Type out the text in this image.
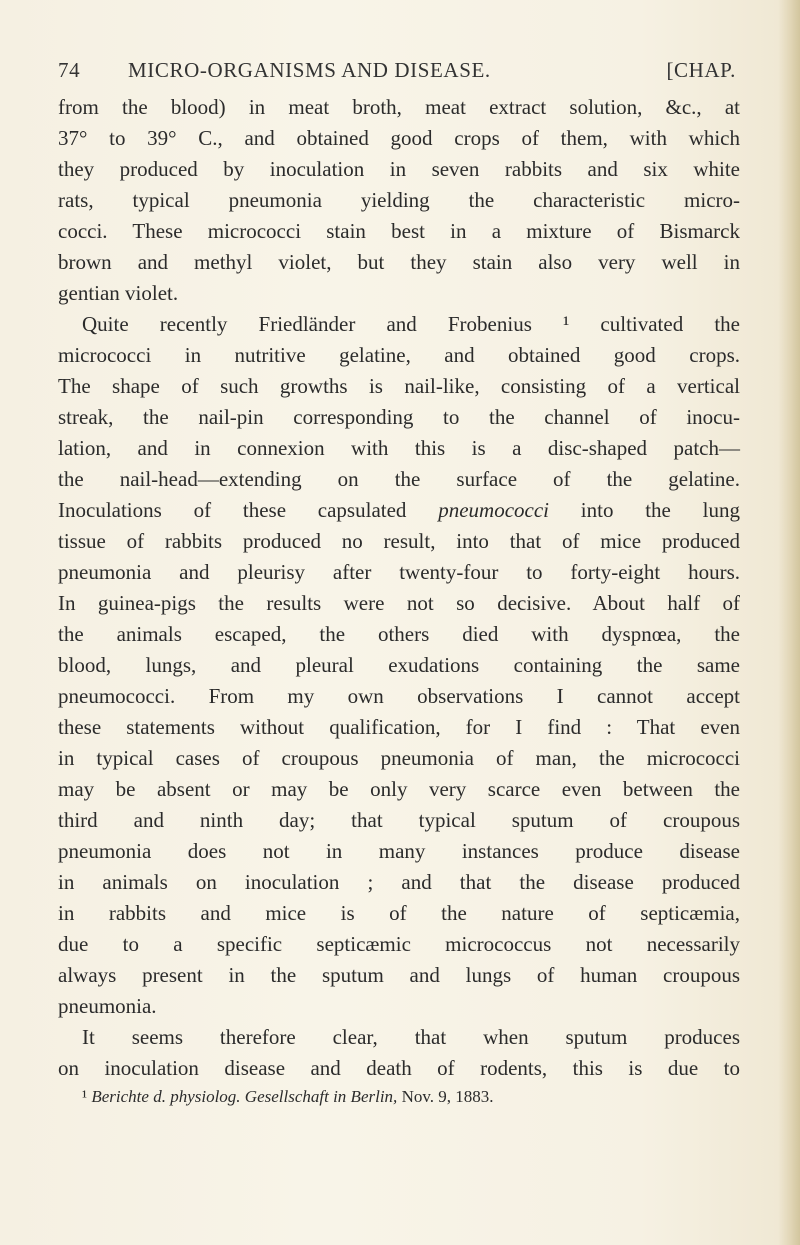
74	MICRO-ORGANISMS AND DISEASE.	[CHAP.
from the blood) in meat broth, meat extract solution, &c., at
37° to 39° C., and obtained good crops of them, with which
they produced by inoculation in seven rabbits and six white
rats, typical pneumonia yielding the characteristic micro-
cocci. These micrococci stain best in a mixture of Bismarck
brown and methyl violet, but they stain also very well in
gentian violet.
Quite recently Friedländer and Frobenius ¹ cultivated the
micrococci in nutritive gelatine, and obtained good crops.
The shape of such growths is nail-like, consisting of a vertical
streak, the nail-pin corresponding to the channel of inocu-
lation, and in connexion with this is a disc-shaped patch—
the nail-head—extending on the surface of the gelatine.
Inoculations of these capsulated pneumococci into the lung
tissue of rabbits produced no result, into that of mice produced
pneumonia and pleurisy after twenty-four to forty-eight hours.
In guinea-pigs the results were not so decisive. About half of
the animals escaped, the others died with dyspnœa, the
blood, lungs, and pleural exudations containing the same
pneumococci. From my own observations I cannot accept
these statements without qualification, for I find : That even
in typical cases of croupous pneumonia of man, the micrococci
may be absent or may be only very scarce even between the
third and ninth day; that typical sputum of croupous
pneumonia does not in many instances produce disease
in animals on inoculation ; and that the disease produced
in rabbits and mice is of the nature of septicæmia,
due to a specific septicæmic micrococcus not necessarily
always present in the sputum and lungs of human croupous
pneumonia.
It seems therefore clear, that when sputum produces
on inoculation disease and death of rodents, this is due to
¹ Berichte d. physiolog. Gesellschaft in Berlin, Nov. 9, 1883.
